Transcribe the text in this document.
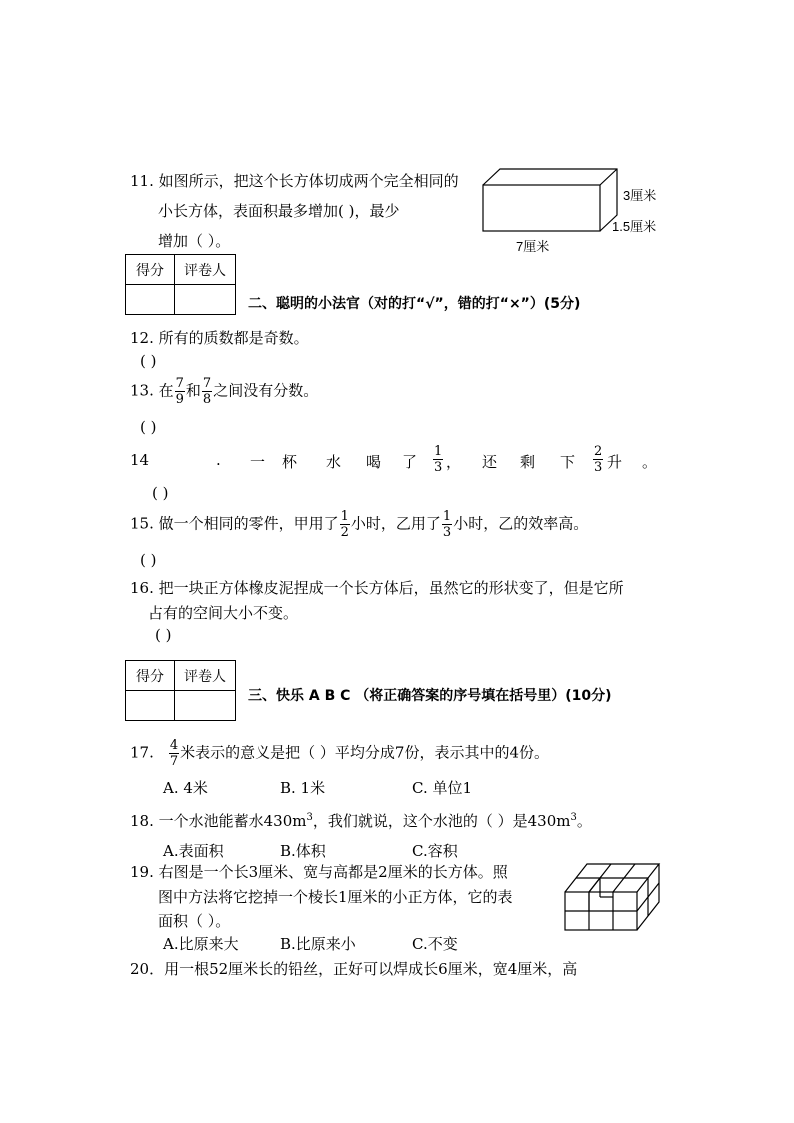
11. 如图所示，把这个长方体切成两个完全相同的
小长方体，表面积最多增加( )，最少
增加（ ）。
3厘米
1.5厘米
7厘米
得分	评卷人

二、聪明的小法官（对的打“√”，错的打“×”）(5分)
12. 所有的质数都是奇数。
( )
13. 在 $\frac{7}{9}$ 和 $\frac{7}{8}$ 之间没有分数。
( )
14	. 一 杯 水 喝 了 $\frac{1}{3}$ ， 还 剩 下 $\frac{2}{3}$ 升 。
( )
15. 做一个相同的零件，甲用了 $\frac{1}{2}$ 小时，乙用了 $\frac{1}{3}$ 小时，乙的效率高。
( )
16. 把一块正方体橡皮泥捏成一个长方体后，虽然它的形状变了，但是它所
占有的空间大小不变。
( )
得分	评卷人

三、快乐 A B C （将正确答案的序号填在括号里）(10分)
17. $\frac{4}{7}$ 米表示的意义是把（ ）平均分成7份，表示其中的4份。
A. 4米	B. 1米	C. 单位1
18. 一个水池能蓄水$430m^3$，我们就说，这个水池的（ ）是$430m^3$。
A.表面积	B.体积	C.容积
19. 右图是一个长3厘米、宽与高都是2厘米的长方体。照
图中方法将它挖掉一个棱长1厘米的小正方体，它的表
面积（ ）。
A.比原来大	B.比原来小	C.不变
20．用一根52厘米长的铅丝，正好可以焊成长6厘米，宽4厘米，高
